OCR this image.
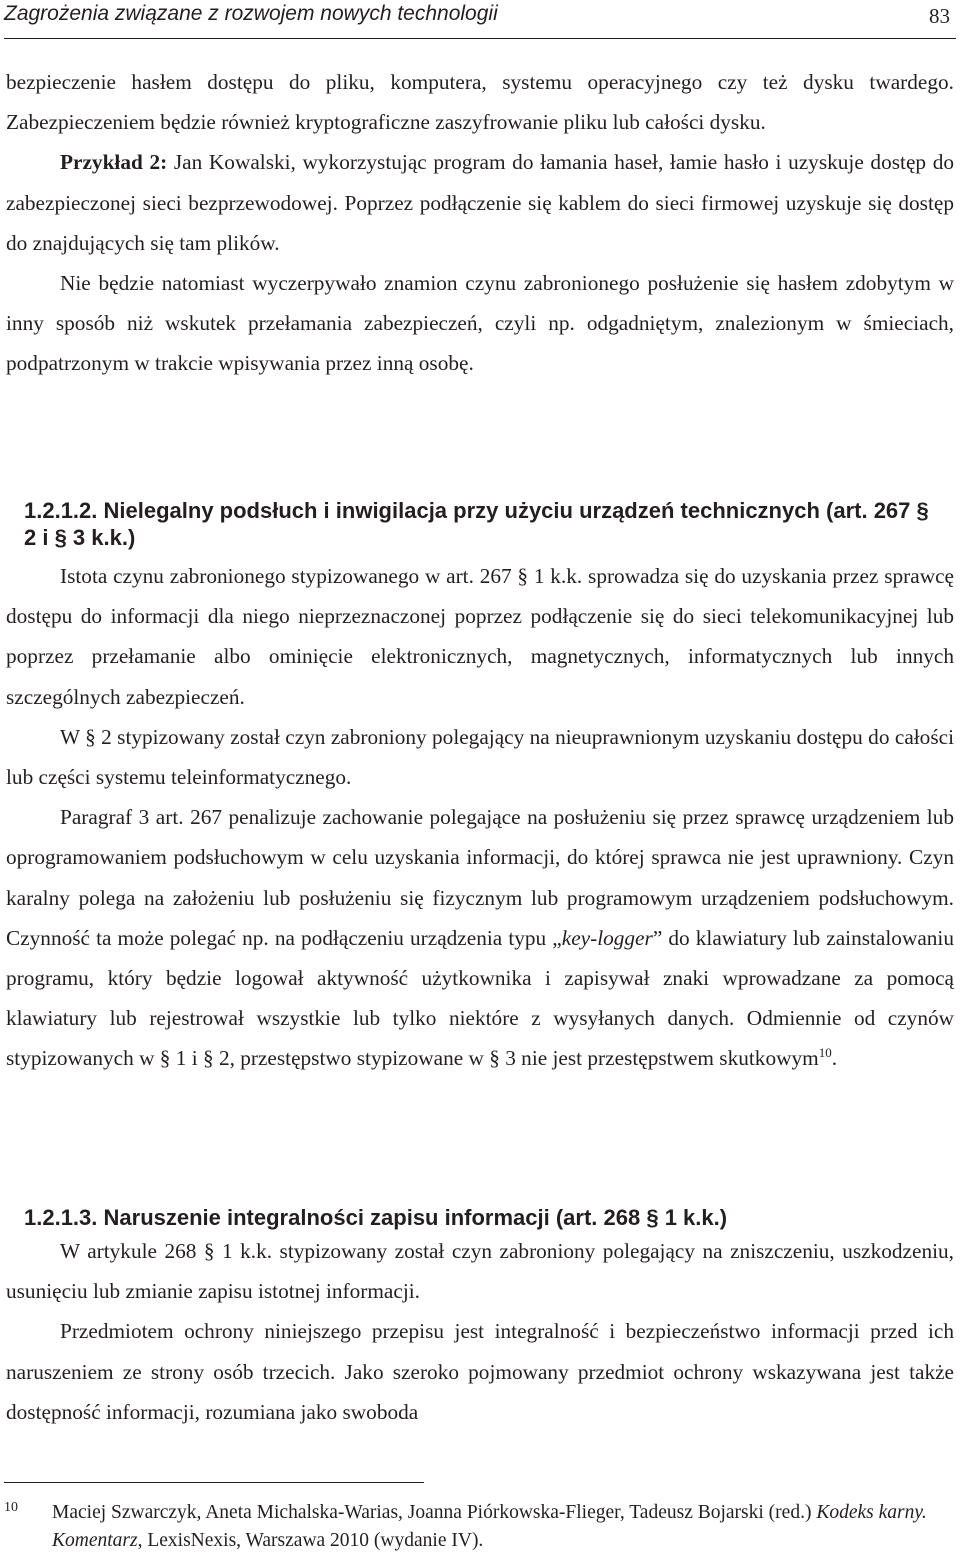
Zagrożenia związane z rozwojem nowych technologii	83

bezpieczenie hasłem dostępu do pliku, komputera, systemu operacyjnego czy też dysku twardego. Zabezpieczeniem będzie również kryptograficzne zaszyfrowanie pliku lub całości dysku.

Przykład 2: Jan Kowalski, wykorzystując program do łamania haseł, łamie hasło i uzyskuje dostęp do zabezpieczonej sieci bezprzewodowej. Poprzez podłączenie się kablem do sieci firmowej uzyskuje się dostęp do znajdujących się tam plików.

Nie będzie natomiast wyczerpywało znamion czynu zabronionego posłużenie się hasłem zdobytym w inny sposób niż wskutek przełamania zabezpieczeń, czyli np. odgadniętym, znalezionym w śmieciach, podpatrzonym w trakcie wpisywania przez inną osobę.

1.2.1.2. Nielegalny podsłuch i inwigilacja przy użyciu urządzeń technicznych (art. 267 § 2 i § 3 k.k.)

Istota czynu zabronionego stypizowanego w art. 267 § 1 k.k. sprowadza się do uzyskania przez sprawcę dostępu do informacji dla niego nieprzeznaczonej poprzez podłączenie się do sieci telekomunikacyjnej lub poprzez przełamanie albo ominięcie elektronicznych, magnetycznych, informatycznych lub innych szczególnych zabezpieczeń.

W § 2 stypizowany został czyn zabroniony polegający na nieuprawnionym uzyskaniu dostępu do całości lub części systemu teleinformatycznego.

Paragraf 3 art. 267 penalizuje zachowanie polegające na posłużeniu się przez sprawcę urządzeniem lub oprogramowaniem podsłuchowym w celu uzyskania informacji, do której sprawca nie jest uprawniony. Czyn karalny polega na założeniu lub posłużeniu się fizycznym lub programowym urządzeniem podsłuchowym. Czynność ta może polegać np. na podłączeniu urządzenia typu „key-logger” do klawiatury lub zainstalowaniu programu, który będzie logował aktywność użytkownika i zapisywał znaki wprowadzane za pomocą klawiatury lub rejestrował wszystkie lub tylko niektóre z wysyłanych danych. Odmiennie od czynów stypizowanych w § 1 i § 2, przestępstwo stypizowane w § 3 nie jest przestępstwem skutkowym$^{10}$.

1.2.1.3. Naruszenie integralności zapisu informacji (art. 268 § 1 k.k.)

W artykule 268 § 1 k.k. stypizowany został czyn zabroniony polegający na zniszczeniu, uszkodzeniu, usunięciu lub zmianie zapisu istotnej informacji.

Przedmiotem ochrony niniejszego przepisu jest integralność i bezpieczeństwo informacji przed ich naruszeniem ze strony osób trzecich. Jako szeroko pojmowany przedmiot ochrony wskazywana jest także dostępność informacji, rozumiana jako swoboda

10 Maciej Szwarczyk, Aneta Michalska-Warias, Joanna Piórkowska-Flieger, Tadeusz Bojarski (red.) Kodeks karny. Komentarz, LexisNexis, Warszawa 2010 (wydanie IV).
